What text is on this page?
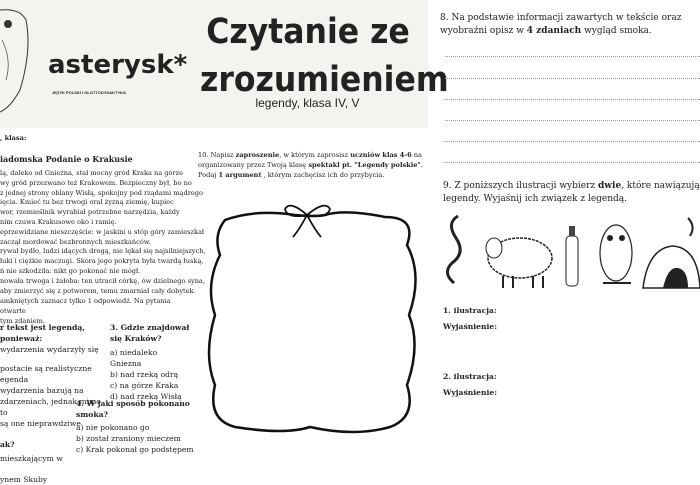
asterysk*
JĘZYK POLSKI I GLOTTODYDAKTYKA
Czytanie ze
zrozumieniem
legendy, klasa IV, V
, klasa:
iadomska Podanie o Krakusie
lą, daleko od Gniezna, stał mocny gród Kraka na górze
wy gród przezwano też Krakowem. Bezpieczny był, bo no
z jednej strony oblany Wisłą, spokojny pod rządami mądrego
ięcia. Kmieć tu bez trwogi orał żyzną ziemię, kupiec
wor, rzemieślnik wyrabiał potrzebne narzędzia, każdy
nim czuwa Krakusowe oko i ramię.
eprzewidziane nieszczęście: w jaskini u stóp góry zamieszkał
zaczął mordować bezbronnych mieszkańców.
rywał bydło, ludzi idących drogą, nie lękał się najsilniejszych,
łuki i ciężkie maczugi. Skóra jego pokryta była twardą łuską,
ń nie szkodziła: nikt go pokonać nie mógł.
nowała trwoga i żałoba: ten utracił córkę, ów dzielnego syna,
aby zmierzyć się z potworem, temu zmarniał cały dobytek.
amkniętych zaznacz tylko 1 odpowiedź. Na pytania otwarte
tym zdaniem.
r tekst jest legendą, ponieważ:
wydarzenia wydarzyły się
postacie są realistyczne
egenda
wydarzenia bazują na
zdarzeniach, jednak mimo to
są one nieprawdziwe
ak?
mieszkającym w
ynem Skuby
3. Gdzie znajdował
się Kraków?
a) niedaleko
Gniezna
b) nad rzeką odrą
c) na górze Kraka
d) nad rzeką Wisłą
4. W jaki sposób pokonano
smoka?
a) nie pokonano go
b) został zraniony mieczem
c) Krak pokonał go podstępem
10. Napisz zaproszenie, w którym zaprosisz uczniów klas 4-6 na organizowany przez Twoją klasę spektakl pt. "Legendy polskie". Podaj 1 argument , którym zachęcisz ich do przybycia.
8. Na podstawie informacji zawartych w tekście oraz wyobraźni opisz w 4 zdaniach wygląd smoka.
9. Z poniższych ilustracji wybierz dwie, które nawiązują legendy. Wyjaśnij ich związek z legendą.
1. ilustracja:
Wyjaśnienie:
2. ilustracja:
Wyjaśnienie:
